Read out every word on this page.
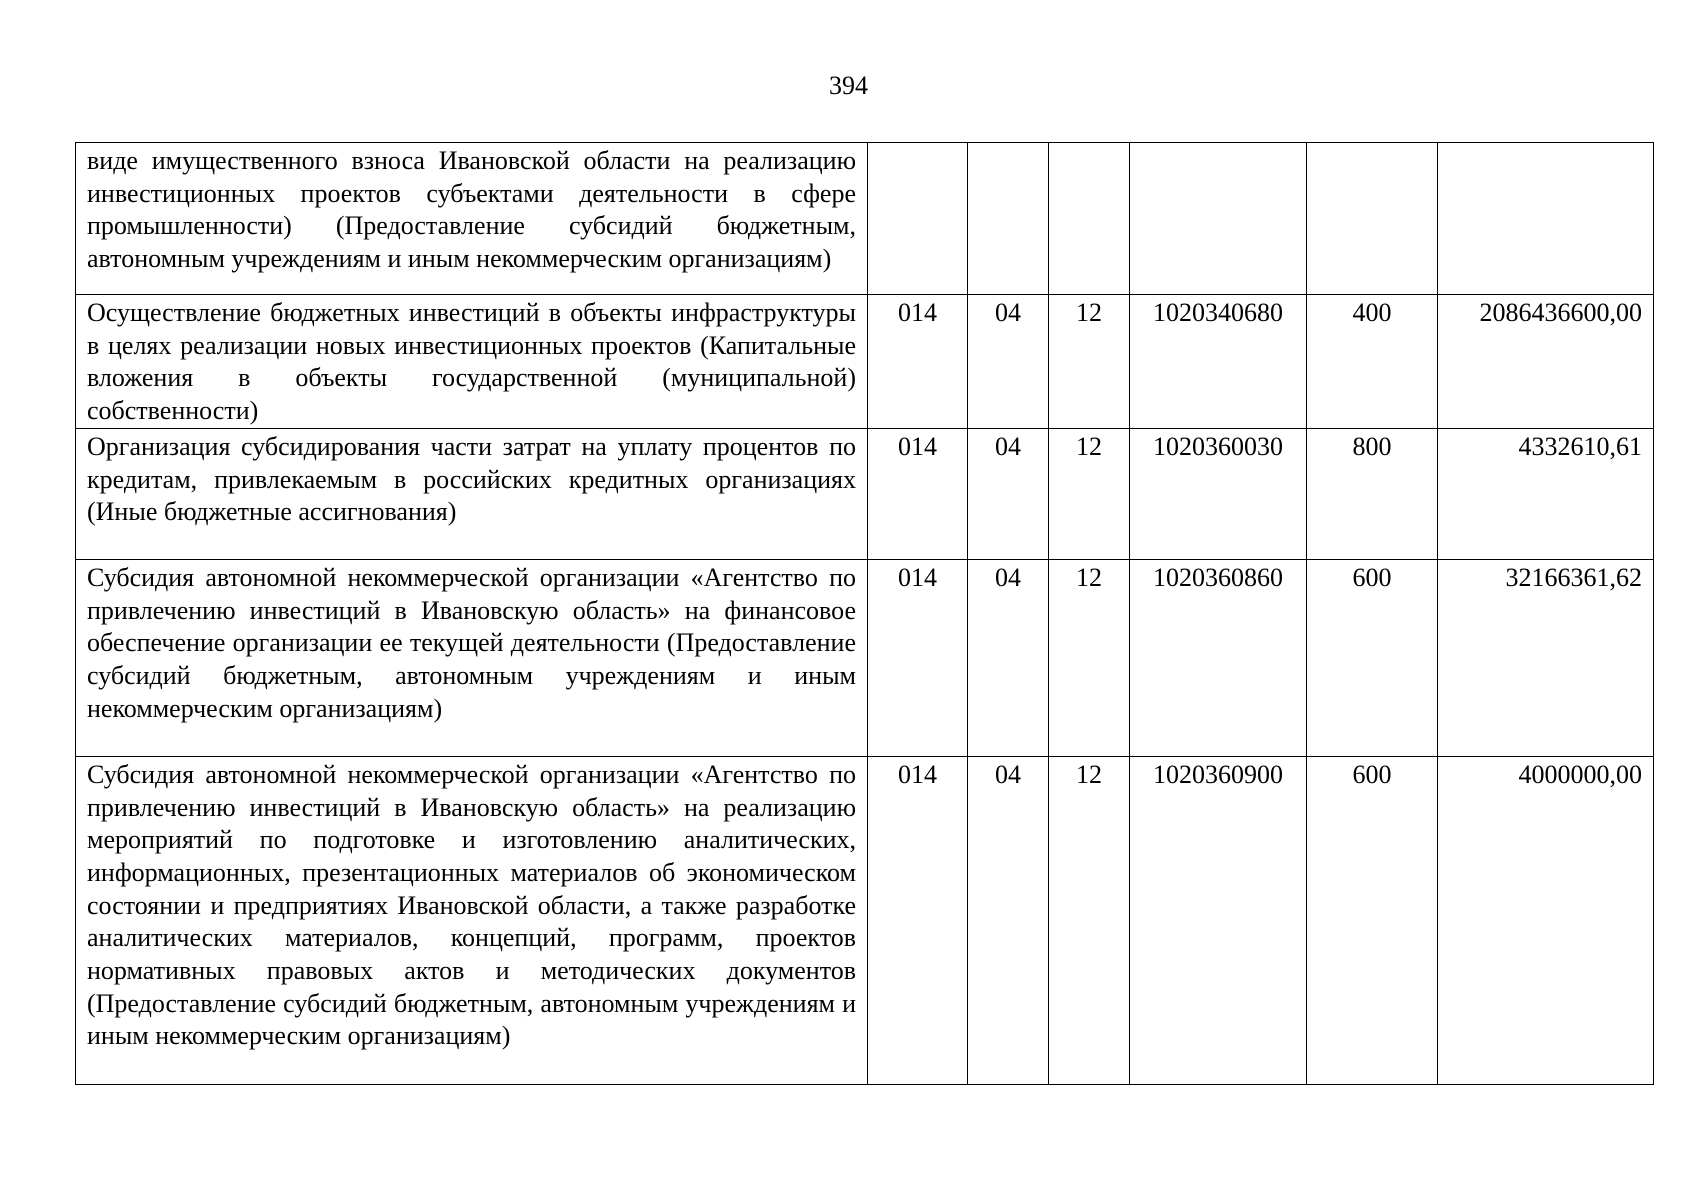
394
виде имущественного взноса Ивановской области на реализацию инвестиционных проектов субъектами деятельности в сфере промышленности) (Предоставление субсидий бюджетным, автономным учреждениям и иным некоммерческим организациям)						

Осуществление бюджетных инвестиций в объекты инфраструктуры в целях реализации новых инвестиционных проектов (Капитальные вложения в объекты государственной (муниципальной) собственности)	014	04	12	1020340680	400	2086436600,00

Организация субсидирования части затрат на уплату процентов по кредитам, привлекаемым в российских кредитных организациях (Иные бюджетные ассигнования)	014	04	12	1020360030	800	4332610,61

Субсидия автономной некоммерческой организации «Агентство по привлечению инвестиций в Ивановскую область» на финансовое обеспечение организации ее текущей деятельности (Предоставление субсидий бюджетным, автономным учреждениям и иным некоммерческим организациям)	014	04	12	1020360860	600	32166361,62

Субсидия автономной некоммерческой организации «Агентство по привлечению инвестиций в Ивановскую область» на реализацию мероприятий по подготовке и изготовлению аналитических, информационных, презентационных материалов об экономическом состоянии и предприятиях Ивановской области, а также разработке аналитических материалов, концепций, программ, проектов нормативных правовых актов и методических документов (Предоставление субсидий бюджетным, автономным учреждениям и иным некоммерческим организациям)	014	04	12	1020360900	600	4000000,00
